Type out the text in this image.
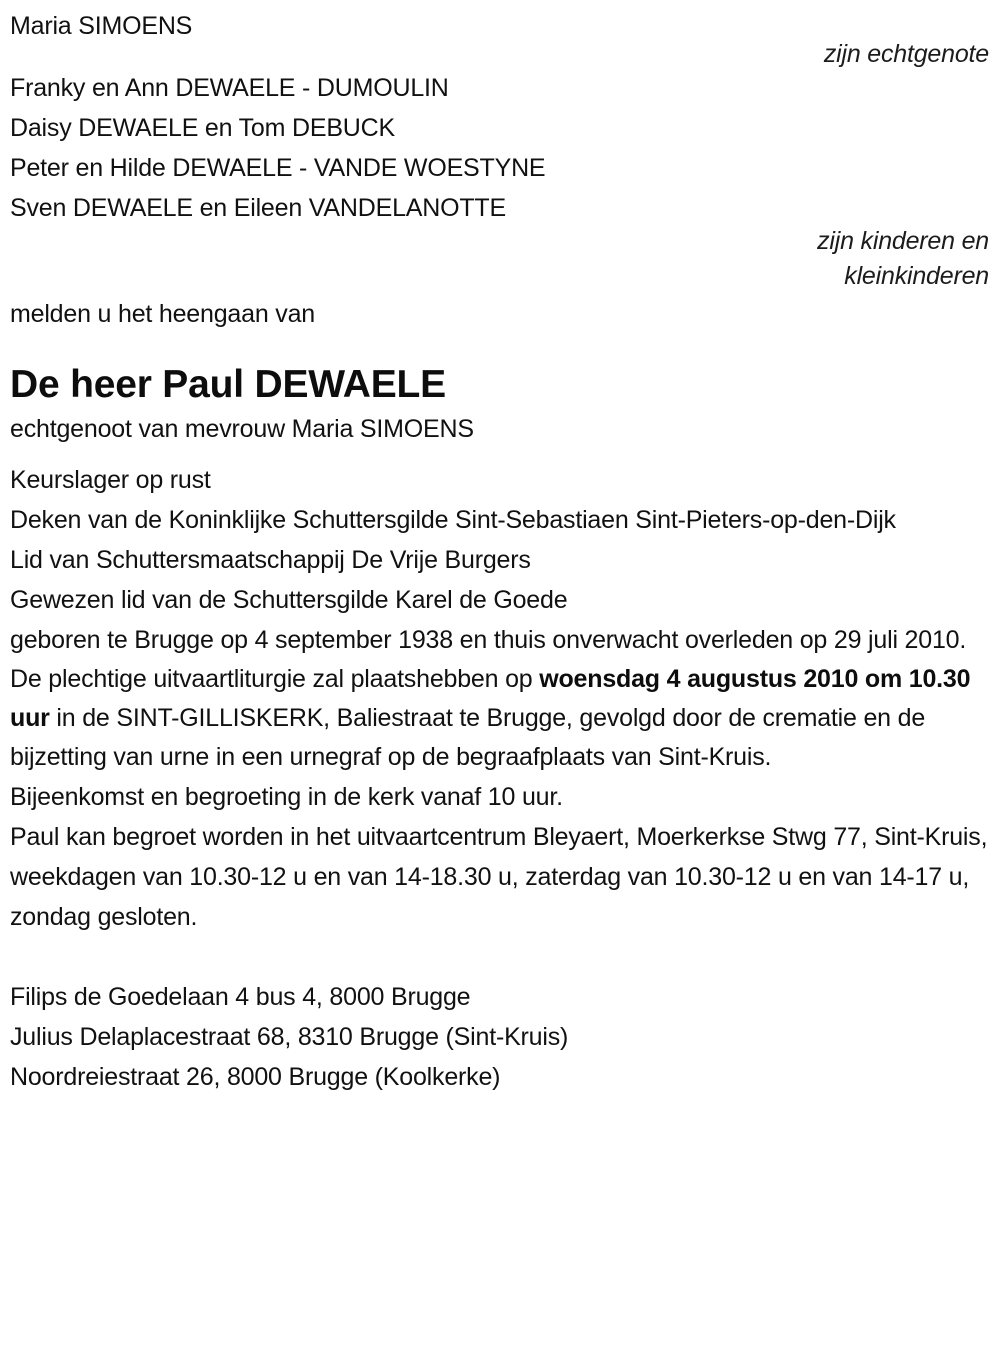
Maria SIMOENS

zijn echtgenote

Franky en Ann DEWAELE - DUMOULIN

Daisy DEWAELE en Tom DEBUCK

Peter en Hilde DEWAELE - VANDE WOESTYNE

Sven DEWAELE en Eileen VANDELANOTTE

zijn kinderen en

kleinkinderen

melden u het heengaan van

De heer Paul DEWAELE

echtgenoot van mevrouw Maria SIMOENS

Keurslager op rust

Deken van de Koninklijke Schuttersgilde Sint-Sebastiaen Sint-Pieters-op-den-Dijk

Lid van Schuttersmaatschappij De Vrije Burgers

Gewezen lid van de Schuttersgilde Karel de Goede

geboren te Brugge op 4 september 1938 en thuis onverwacht overleden op 29 juli 2010.

De plechtige uitvaartliturgie zal plaatshebben op woensdag 4 augustus 2010 om 10.30 uur in de SINT-GILLISKERK, Baliestraat te Brugge, gevolgd door de crematie en de bijzetting van urne in een urnegraf op de begraafplaats van Sint-Kruis.

Bijeenkomst en begroeting in de kerk vanaf 10 uur.

Paul kan begroet worden in het uitvaartcentrum Bleyaert, Moerkerkse Stwg 77, Sint-Kruis, weekdagen van 10.30-12 u en van 14-18.30 u, zaterdag van 10.30-12 u en van 14-17 u, zondag gesloten.

Filips de Goedelaan 4 bus 4, 8000 Brugge

Julius Delaplacestraat 68, 8310 Brugge (Sint-Kruis)

Noordreiestraat 26, 8000 Brugge (Koolkerke)
